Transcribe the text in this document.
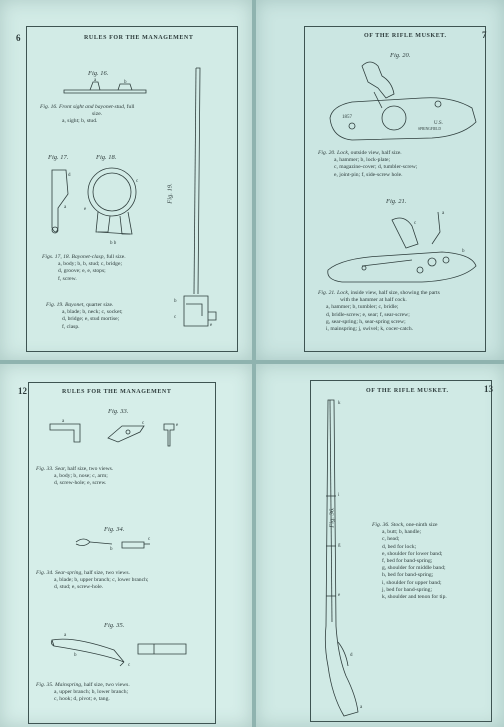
6	RULES FOR THE MANAGEMENT
Fig. 16.
a	b
Fig. 16. Front sight and bayonet-stud, full
size.
a, sight; b, stud.
Fig. 17.	Fig. 18.
d
a
c
e
b b
b
c
e
Fig. 19.
Figs. 17, 18. Bayonet-clasp, full size.
a, body; b, b, stud; c, bridge;
d, groove; e, e, stops;
f, screw.
Fig. 19. Bayonet, quarter size.
a, blade; b, neck; c, socket;
d, bridge; e, stud mortise;
f, clasp.
OF THE RIFLE MUSKET.	7
Fig. 20.
1857
U.S.
SPRINGFIELD
Fig. 20. Lock, outside view, half size.
a, hammer; b, lock-plate;
c, magazine-cover; d, tumbler-screw;
e, joint-pin; f, side-screw hole.
Fig. 21.
a
c
b
Fig. 21. Lock, inside view, half size, showing the parts
with the hammer at half cock.
a, hammer; b, tumbler; c, bridle;
d, bridle-screw; e, sear; f, sear-screw;
g, sear-spring; h, sear-spring screw;
i, mainspring; j, swivel; k, cocer-catch.
12	RULES FOR THE MANAGEMENT
Fig. 33.
a	c	e
Fig. 33. Sear, half size, two views.
a, body; b, nose; c, arm;
d, screw-hole; e, screw.
Fig. 34.
c
b
Fig. 34. Sear-spring, half size, two views.
a, blade; b, upper branch; c, lower branch;
d, stud; e, screw-hole.
Fig. 35.
a
b
c
Fig. 35. Mainspring, half size, two views.
a, upper branch; b, lower branch;
c, hook; d, pivot; e, tang.
OF THE RIFLE MUSKET.	13
k
i
g
e
d
a
Fig. 36.	Fig. 36. Stock, one-ninth size
a, butt; b, handle;
c, head;
d, bed for lock;
e, shoulder for lower band;
f, bed for band-spring;
g, shoulder for middle band;
h, bed for band-spring;
i, shoulder for upper band;
j, bed for band-spring;
k, shoulder and tenon for tip.
